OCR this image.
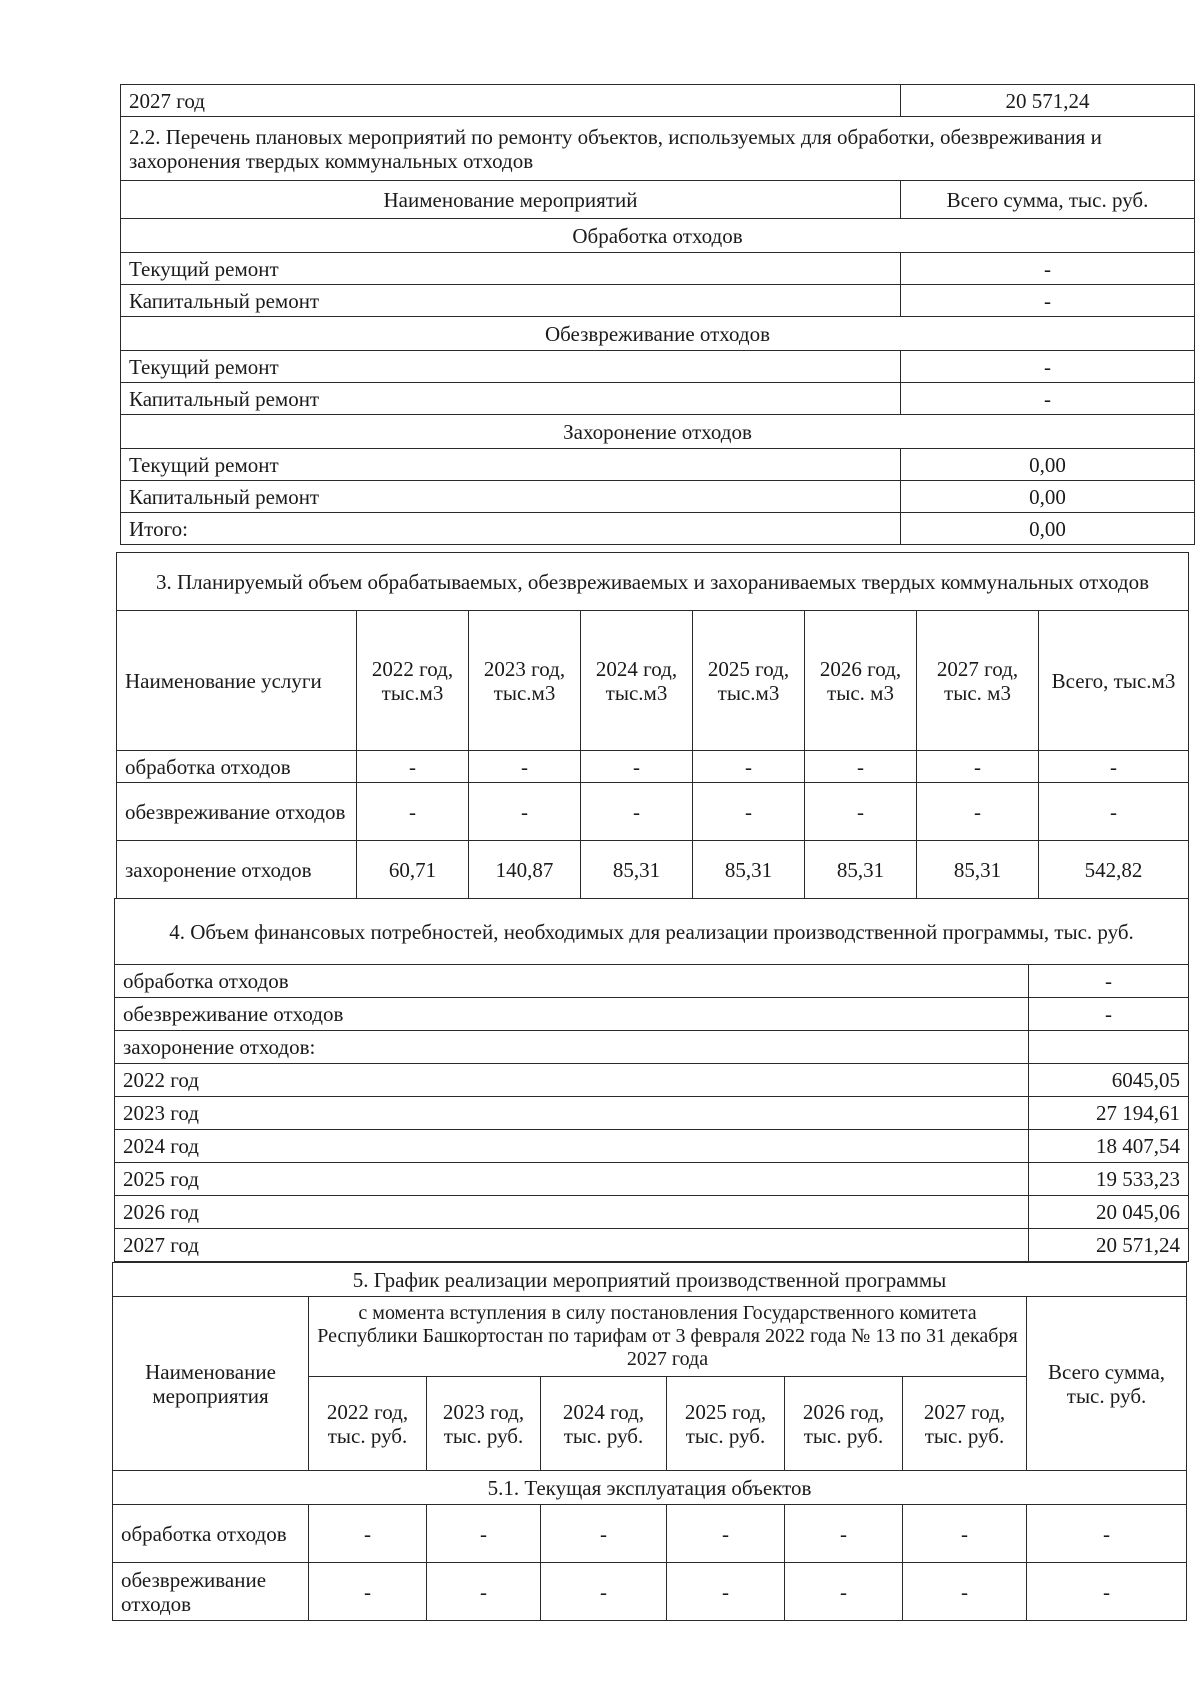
2027 год	20 571,24
2.2. Перечень плановых мероприятий по ремонту объектов, используемых для обработки, обезвреживания и захоронения твердых коммунальных отходов	
Наименование мероприятий	Всего сумма, тыс. руб.
Обработка отходов	
Текущий ремонт	-
Капитальный ремонт	-
Обезвреживание отходов	
Текущий ремонт	-
Капитальный ремонт	-
Захоронение отходов	
Текущий ремонт	0,00
Капитальный ремонт	0,00
Итого:	0,00
3. Планируемый объем обрабатываемых, обезвреживаемых и захораниваемых твердых коммунальных отходов							
Наименование услуги	2022 год, тыс.м3	2023 год, тыс.м3	2024 год, тыс.м3	2025 год, тыс.м3	2026 год, тыс. м3	2027 год, тыс. м3	Всего, тыс.м3
обработка отходов	-	-	-	-	-	-	-
обезвреживание отходов	-	-	-	-	-	-	-
захоронение отходов	60,71	140,87	85,31	85,31	85,31	85,31	542,82
4. Объем финансовых потребностей, необходимых для реализации производственной программы, тыс. руб.	
обработка отходов	-
обезвреживание отходов	-
захоронение отходов:	
2022 год	6045,05
2023 год	27 194,61
2024 год	18 407,54
2025 год	19 533,23
2026 год	20 045,06
2027 год	20 571,24
5. График реализации мероприятий производственной программы							
Наименование мероприятия	с момента вступления в силу постановления Государственного комитета Республики Башкортостан по тарифам от 3 февраля 2022 года № 13 по 31 декабря 2027 года						Всего сумма, тыс. руб.
	2022 год, тыс. руб.	2023 год, тыс. руб.	2024 год, тыс. руб.	2025 год, тыс. руб.	2026 год, тыс. руб.	2027 год, тыс. руб.	
5.1. Текущая эксплуатация объектов							
обработка отходов	-	-	-	-	-	-	-
обезвреживание отходов	-	-	-	-	-	-	-
